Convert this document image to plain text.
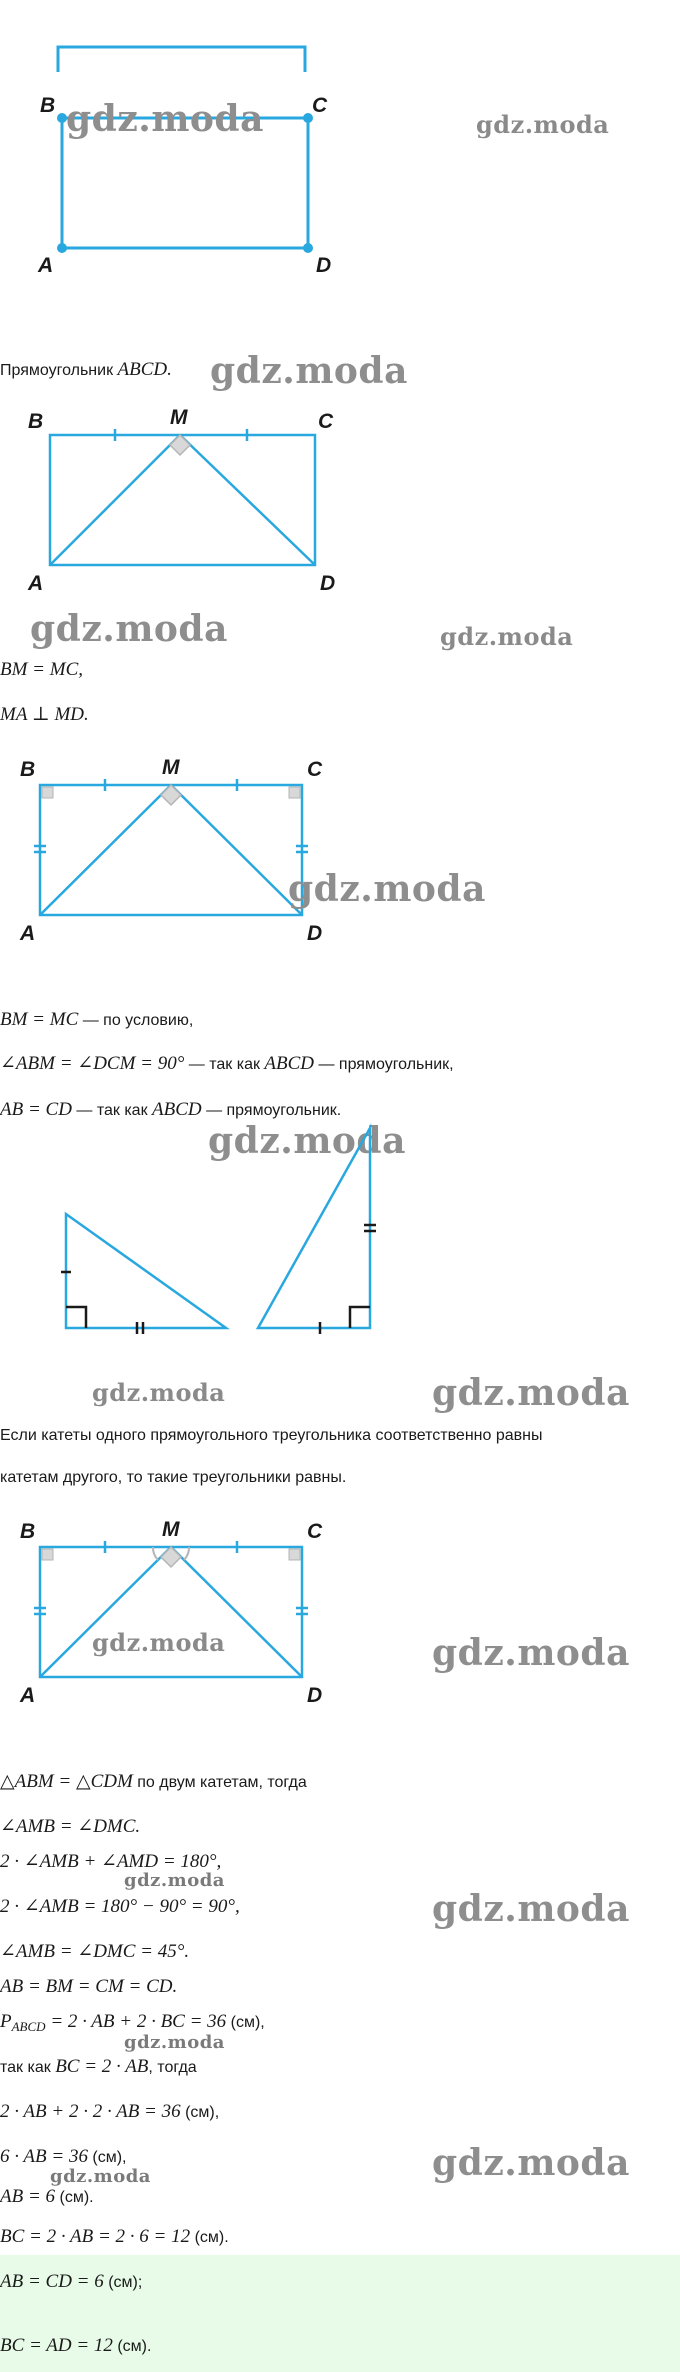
B	C
A	D
gdz.moda	gdz.moda
Прямоугольник ABCD. gdz.moda
B	M	C
A	D
gdz.moda	gdz.moda
BM = MC,
MA ⊥ MD.
B	M	C
A	D
gdz.moda
BM = MC — по условию,
∠ABM = ∠DCM = 90° — так как ABCD — прямоугольник,
AB = CD — так как ABCD — прямоугольник.
gdz.moda
gdz.moda	gdz.moda
Если катеты одного прямоугольного треугольника соответственно равны
катетам другого, то такие треугольники равны.
B	M	C
A	D
gdz.moda	gdz.moda
△ABM = △CDM по двум катетам, тогда
∠AMB = ∠DMC.
2 · ∠AMB + ∠AMD = 180°,
gdz.moda
2 · ∠AMB = 180° − 90° = 90°,	gdz.moda
∠AMB = ∠DMC = 45°.
AB = BM = CM = CD.
$P_{ABCD} = 2$ · AB + 2 · BC = 36 (см),
gdz.moda
так как BC = 2 · AB, тогда
2 · AB + 2 · 2 · AB = 36 (см),
6 · AB = 36 (см),
gdz.moda	gdz.moda
AB = 6 (см).
BC = 2 · AB = 2 · 6 = 12 (см).
AB = CD = 6 (см);
BC = AD = 12 (см).
